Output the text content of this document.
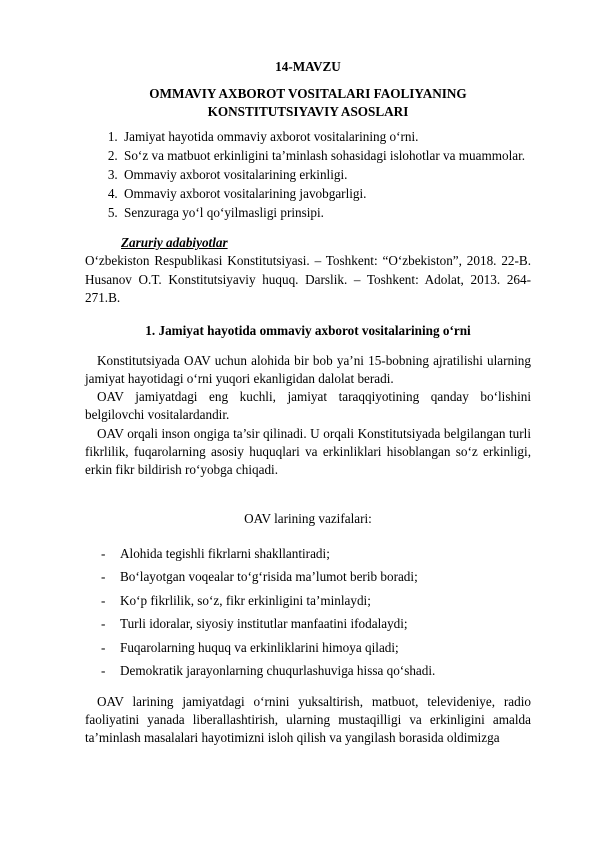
14-MAVZU
OMMAVIY AXBOROT VOSITALARI FAOLIYANING KONSTITUTSIYAVIY ASOSLARI
1. Jamiyat hayotida ommaviy axborot vositalarining o‘rni.
2. So‘z va matbuot erkinligini ta’minlash sohasidagi islohotlar va muammolar.
3. Ommaviy axborot vositalarining erkinligi.
4. Ommaviy axborot vositalarining javobgarligi.
5. Senzuraga yo‘l qo‘yilmasligi prinsipi.
Zaruriy adabiyotlar

O‘zbekiston Respublikasi Konstitutsiyasi. – Toshkent: “O‘zbekiston”, 2018. 22-B. Husanov O.T. Konstitutsiyaviy huquq. Darslik. – Toshkent: Adolat, 2013. 264-271.B.

1. Jamiyat hayotida ommaviy axborot vositalarining o‘rni

Konstitutsiyada OAV uchun alohida bir bob ya’ni 15-bobning ajratilishi ularning jamiyat hayotidagi o‘rni yuqori ekanligidan dalolat beradi.

OAV jamiyatdagi eng kuchli, jamiyat taraqqiyotining qanday bo‘lishini belgilovchi vositalardandir.

OAV orqali inson ongiga ta’sir qilinadi. U orqali Konstitutsiyada belgilangan turli fikrlilik, fuqarolarning asosiy huquqlari va erkinliklari hisoblangan so‘z erkinligi, erkin fikr bildirish ro‘yobga chiqadi.

OAV larining vazifalari:
- Alohida tegishli fikrlarni shakllantiradi;
- Bo‘layotgan voqealar to‘g‘risida ma’lumot berib boradi;
- Ko‘p fikrlilik, so‘z, fikr erkinligini ta’minlaydi;
- Turli idoralar, siyosiy institutlar manfaatini ifodalaydi;
- Fuqarolarning huquq va erkinliklarini himoya qiladi;
- Demokratik jarayonlarning chuqurlashuviga hissa qo‘shadi.

OAV larining jamiyatdagi o‘rnini yuksaltirish, matbuot, televideniye, radio faoliyatini yanada liberallashtirish, ularning mustaqilligi va erkinligini amalda ta’minlash masalalari hayotimizni isloh qilish va yangilash borasida oldimizga
